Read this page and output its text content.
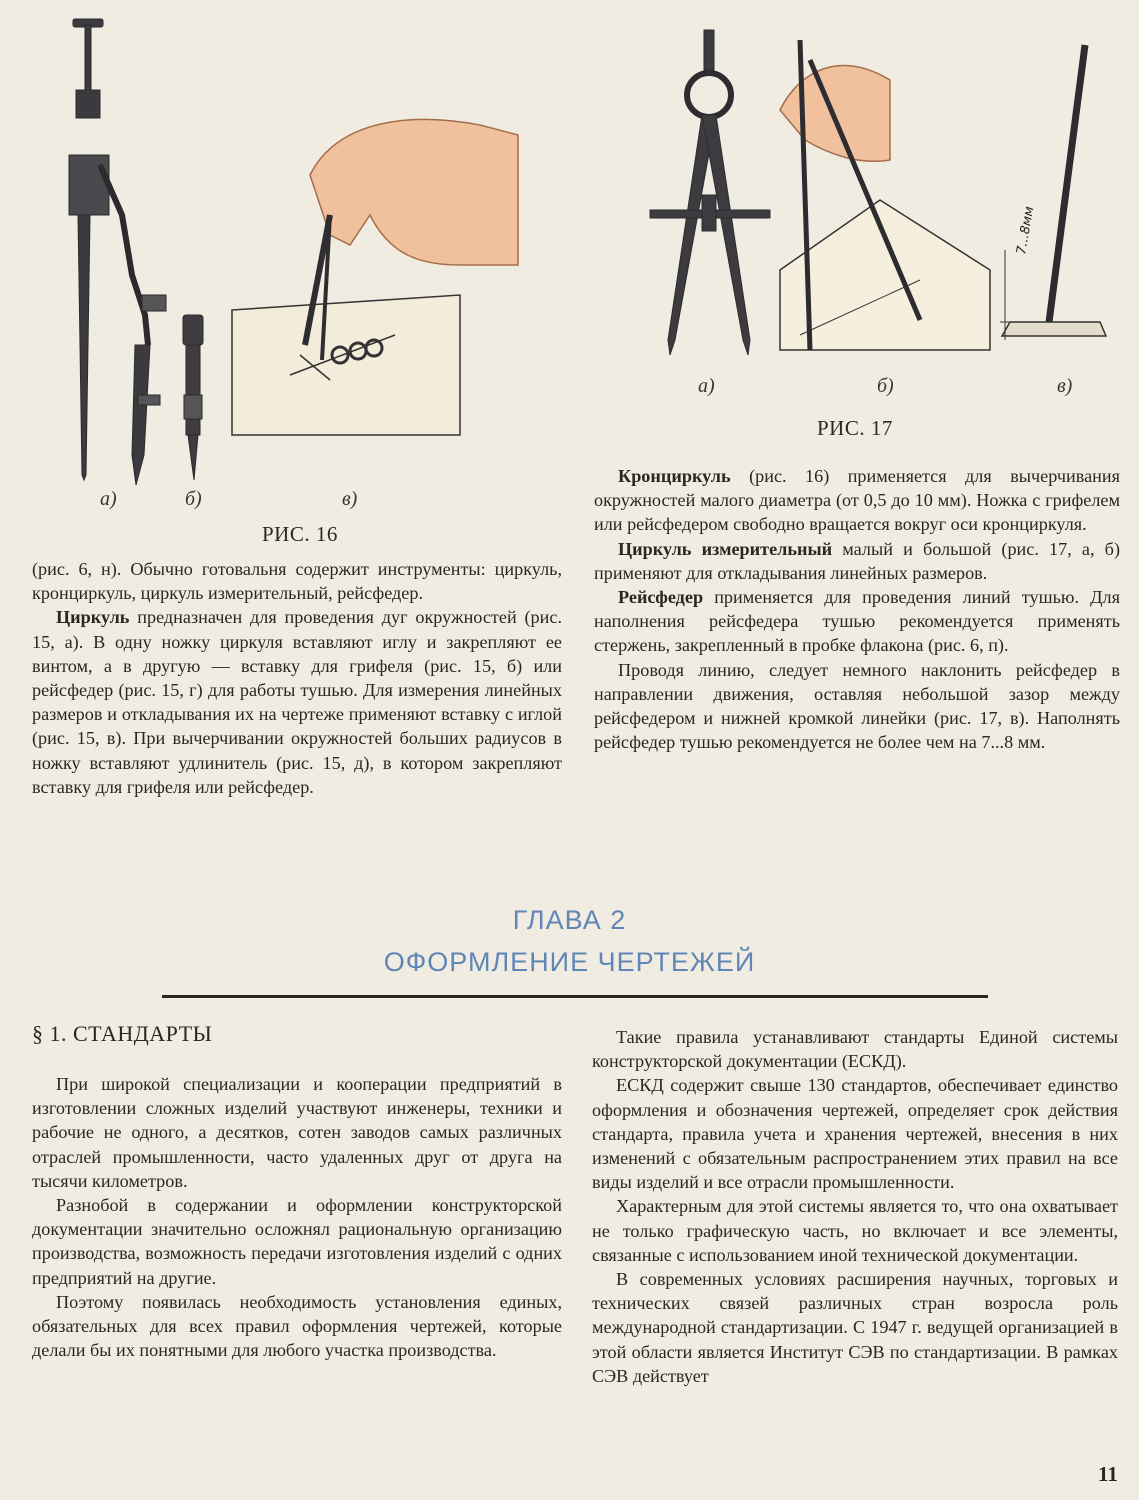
а)	б)	в)
РИС. 16
7...8мм
а)	б)	в)
РИС. 17

(рис. 6, н). Обычно готовальня содержит инструменты: циркуль, кронциркуль, циркуль измерительный, рейсфедер.

Циркуль предназначен для проведения дуг окружностей (рис. 15, а). В одну ножку циркуля вставляют иглу и закрепляют ее винтом, а в другую — вставку для грифеля (рис. 15, б) или рейсфедер (рис. 15, г) для работы тушью. Для измерения линейных размеров и откладывания их на чертеже применяют вставку с иглой (рис. 15, в). При вычерчивании окружностей больших радиусов в ножку вставляют удлинитель (рис. 15, д), в котором закрепляют вставку для грифеля или рейсфедер.

Кронциркуль (рис. 16) применяется для вычерчивания окружностей малого диаметра (от 0,5 до 10 мм). Ножка с грифелем или рейсфедером свободно вращается вокруг оси кронциркуля.

Циркуль измерительный малый и большой (рис. 17, а, б) применяют для откладывания линейных размеров.

Рейсфедер применяется для проведения линий тушью. Для наполнения рейсфедера тушью рекомендуется применять стержень, закрепленный в пробке флакона (рис. 6, п).

Проводя линию, следует немного наклонить рейсфедер в направлении движения, оставляя небольшой зазор между рейсфедером и нижней кромкой линейки (рис. 17, в). Наполнять рейсфедер тушью рекомендуется не более чем на 7...8 мм.

ГЛАВА 2
ОФОРМЛЕНИЕ ЧЕРТЕЖЕЙ
§ 1. СТАНДАРТЫ

При широкой специализации и кооперации предприятий в изготовлении сложных изделий участвуют инженеры, техники и рабочие не одного, а десятков, сотен заводов самых различных отраслей промышленности, часто удаленных друг от друга на тысячи километров.

Разнобой в содержании и оформлении конструкторской документации значительно осложнял рациональную организацию производства, возможность передачи изготовления изделий с одних предприятий на другие.

Поэтому появилась необходимость установления единых, обязательных для всех правил оформления чертежей, которые делали бы их понятными для любого участка производства.

Такие правила устанавливают стандарты Единой системы конструкторской документации (ЕСКД).

ЕСКД содержит свыше 130 стандартов, обеспечивает единство оформления и обозначения чертежей, определяет срок действия стандарта, правила учета и хранения чертежей, внесения в них изменений с обязательным распространением этих правил на все виды изделий и все отрасли промышленности.

Характерным для этой системы является то, что она охватывает не только графическую часть, но включает и все элементы, связанные с использованием иной технической документации.

В современных условиях расширения научных, торговых и технических связей различных стран возросла роль международной стандартизации. С 1947 г. ведущей организацией в этой области является Институт СЭВ по стандартизации. В рамках СЭВ действует

11
